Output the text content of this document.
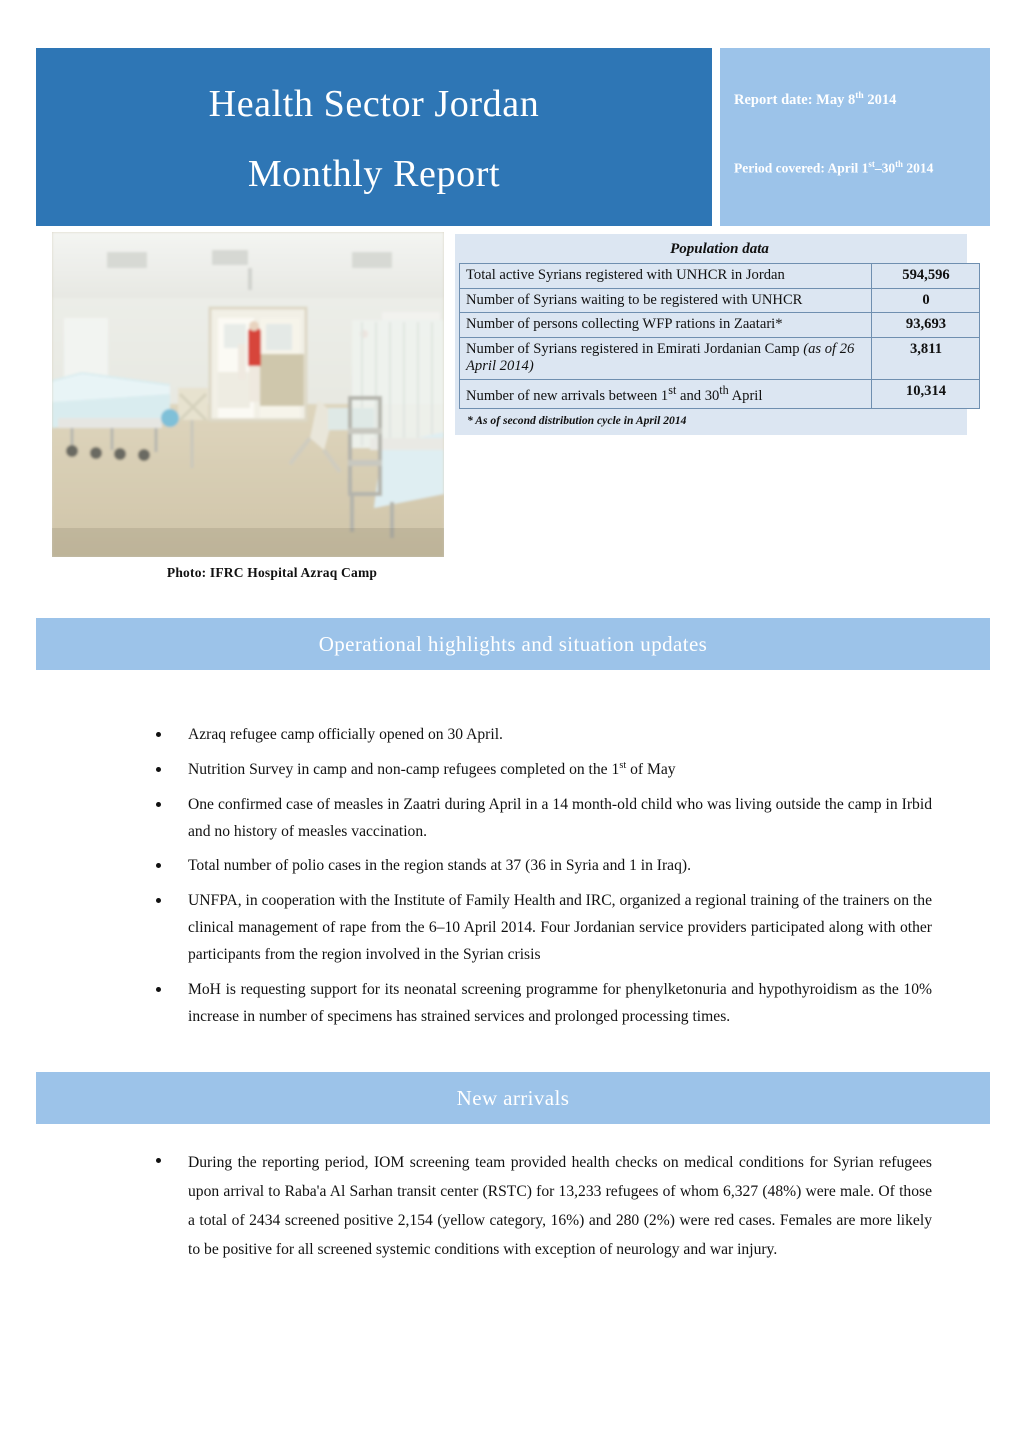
Health Sector Jordan
Monthly Report
Report date: May 8th 2014
Period covered: April 1st–30th 2014
Photo: IFRC Hospital Azraq Camp
Population data
Total active Syrians registered with UNHCR in Jordan	594,596
Number of Syrians waiting to be registered with UNHCR	0
Number of persons collecting WFP rations in Zaatari*	93,693
Number of Syrians registered in Emirati Jordanian Camp (as of 26 April 2014)	3,811
Number of new arrivals between 1st and 30th April	10,314
* As of second distribution cycle in April 2014
Operational highlights and situation updates
Azraq refugee camp officially opened on 30 April.
Nutrition Survey in camp and non-camp refugees completed on the 1st of May
One confirmed case of measles in Zaatri during April in a 14 month-old child who was living outside the camp in Irbid and no history of measles vaccination.
Total number of polio cases in the region stands at 37 (36 in Syria and 1 in Iraq).
UNFPA, in cooperation with the Institute of Family Health and IRC, organized a regional training of the trainers on the clinical management of rape from the 6–10 April 2014. Four Jordanian service providers participated along with other participants from the region involved in the Syrian crisis
MoH is requesting support for its neonatal screening programme for phenylketonuria and hypothyroidism as the 10% increase in number of specimens has strained services and prolonged processing times.
New arrivals
During the reporting period, IOM screening team provided health checks on medical conditions for Syrian refugees upon arrival to Raba'a Al Sarhan transit center (RSTC) for 13,233 refugees of whom 6,327 (48%) were male. Of those a total of 2434 screened positive 2,154 (yellow category, 16%) and 280 (2%) were red cases. Females are more likely to be positive for all screened systemic conditions with exception of neurology and war injury.
